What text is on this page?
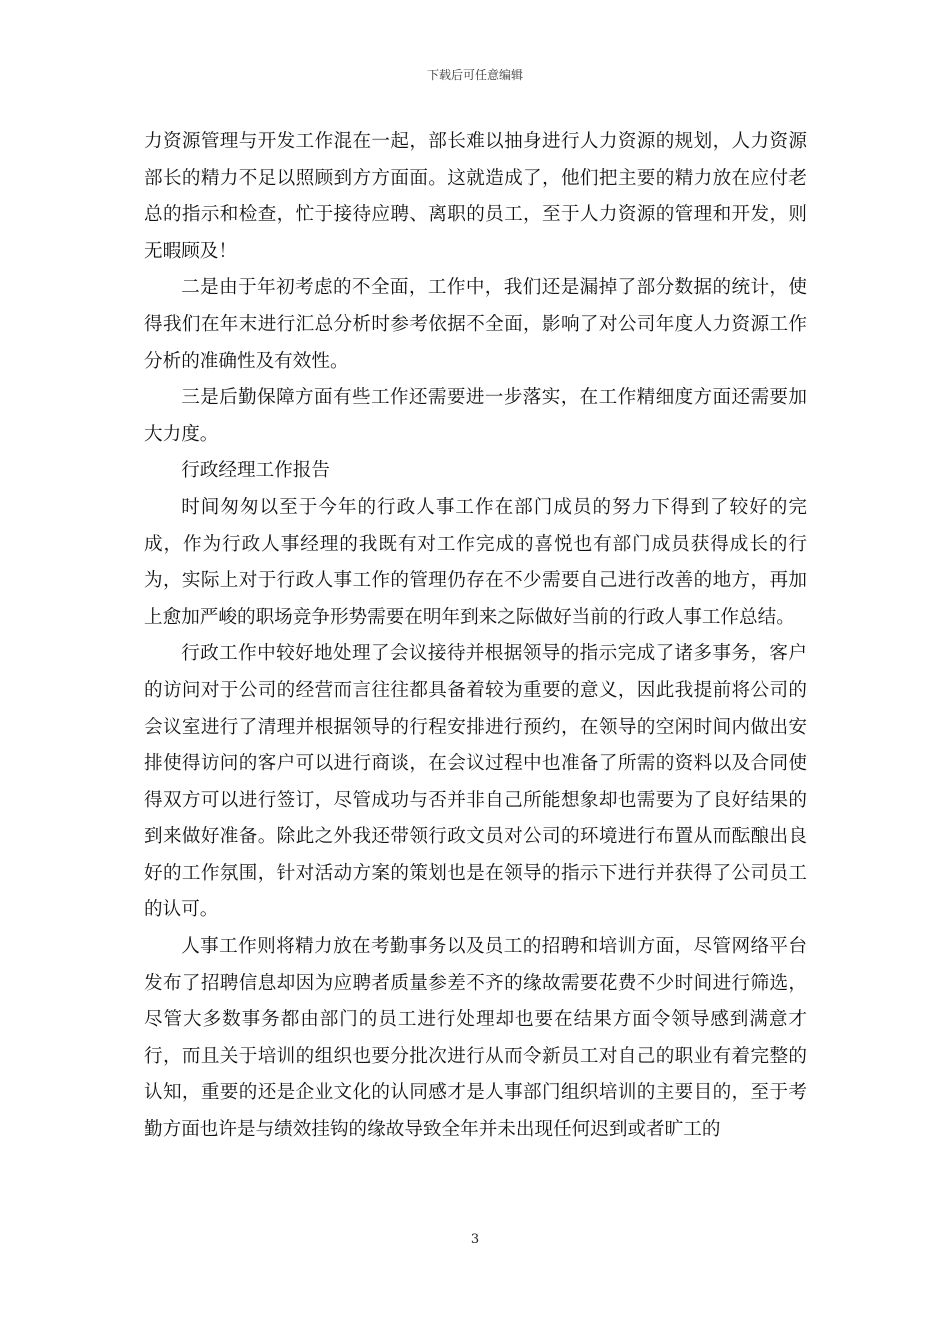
下载后可任意编辑

力资源管理与开发工作混在一起，部长难以抽身进行人力资源的规划，人力资源部长的精力不足以照顾到方方面面。这就造成了，他们把主要的精力放在应付老总的指示和检查，忙于接待应聘、离职的员工，至于人力资源的管理和开发，则无暇顾及！

二是由于年初考虑的不全面，工作中，我们还是漏掉了部分数据的统计，使得我们在年末进行汇总分析时参考依据不全面，影响了对公司年度人力资源工作分析的准确性及有效性。

三是后勤保障方面有些工作还需要进一步落实，在工作精细度方面还需要加大力度。

行政经理工作报告

时间匆匆以至于今年的行政人事工作在部门成员的努力下得到了较好的完成，作为行政人事经理的我既有对工作完成的喜悦也有部门成员获得成长的行为，实际上对于行政人事工作的管理仍存在不少需要自己进行改善的地方，再加上愈加严峻的职场竞争形势需要在明年到来之际做好当前的行政人事工作总结。

行政工作中较好地处理了会议接待并根据领导的指示完成了诸多事务，客户的访问对于公司的经营而言往往都具备着较为重要的意义，因此我提前将公司的会议室进行了清理并根据领导的行程安排进行预约，在领导的空闲时间内做出安排使得访问的客户可以进行商谈，在会议过程中也准备了所需的资料以及合同使得双方可以进行签订，尽管成功与否并非自己所能想象却也需要为了良好结果的到来做好准备。除此之外我还带领行政文员对公司的环境进行布置从而酝酿出良好的工作氛围，针对活动方案的策划也是在领导的指示下进行并获得了公司员工的认可。

人事工作则将精力放在考勤事务以及员工的招聘和培训方面，尽管网络平台发布了招聘信息却因为应聘者质量参差不齐的缘故需要花费不少时间进行筛选，尽管大多数事务都由部门的员工进行处理却也要在结果方面令领导感到满意才行，而且关于培训的组织也要分批次进行从而令新员工对自己的职业有着完整的认知，重要的还是企业文化的认同感才是人事部门组织培训的主要目的，至于考勤方面也许是与绩效挂钩的缘故导致全年并未出现任何迟到或者旷工的

3
